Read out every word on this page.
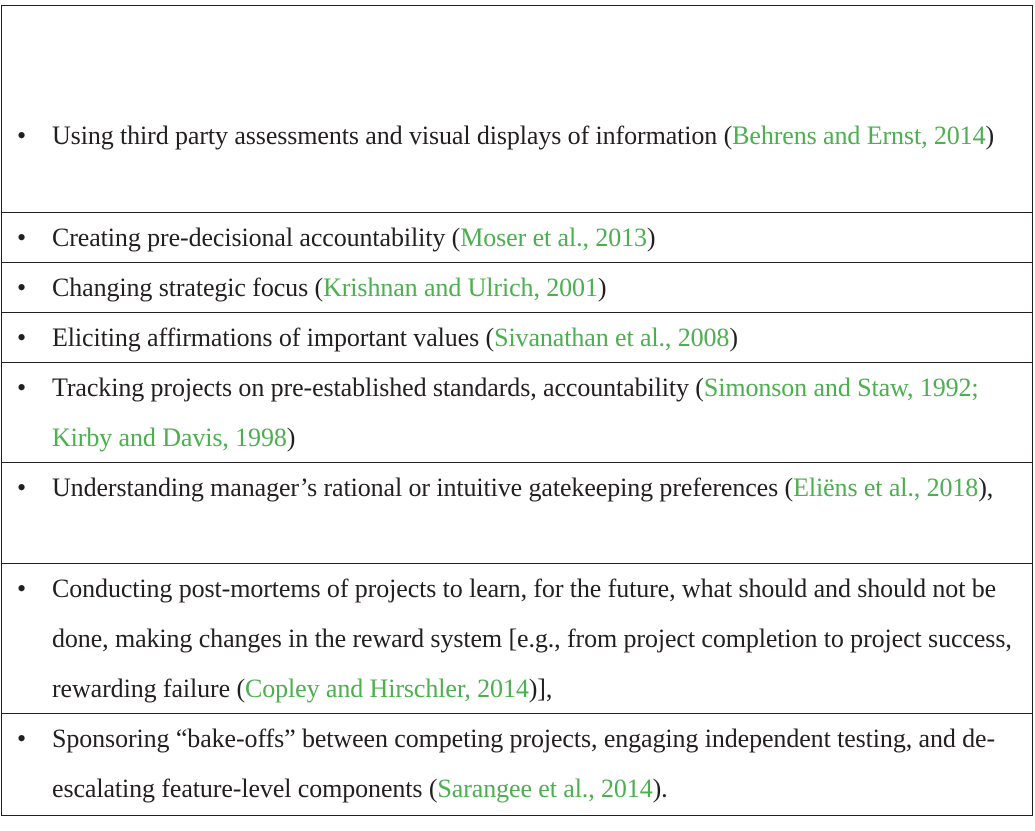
• Using third party assessments and visual displays of information (Behrens and Ernst, 2014)
• Creating pre-decisional accountability (Moser et al., 2013)
• Changing strategic focus (Krishnan and Ulrich, 2001)
• Eliciting affirmations of important values (Sivanathan et al., 2008)
• Tracking projects on pre-established standards, accountability (Simonson and Staw, 1992; Kirby and Davis, 1998)
• Understanding manager’s rational or intuitive gatekeeping preferences (Eliëns et al., 2018),
• Conducting post-mortems of projects to learn, for the future, what should and should not be done, making changes in the reward system [e.g., from project completion to project success, rewarding failure (Copley and Hirschler, 2014)],
• Sponsoring “bake-offs” between competing projects, engaging independent testing, and de-escalating feature-level components (Sarangee et al., 2014).
